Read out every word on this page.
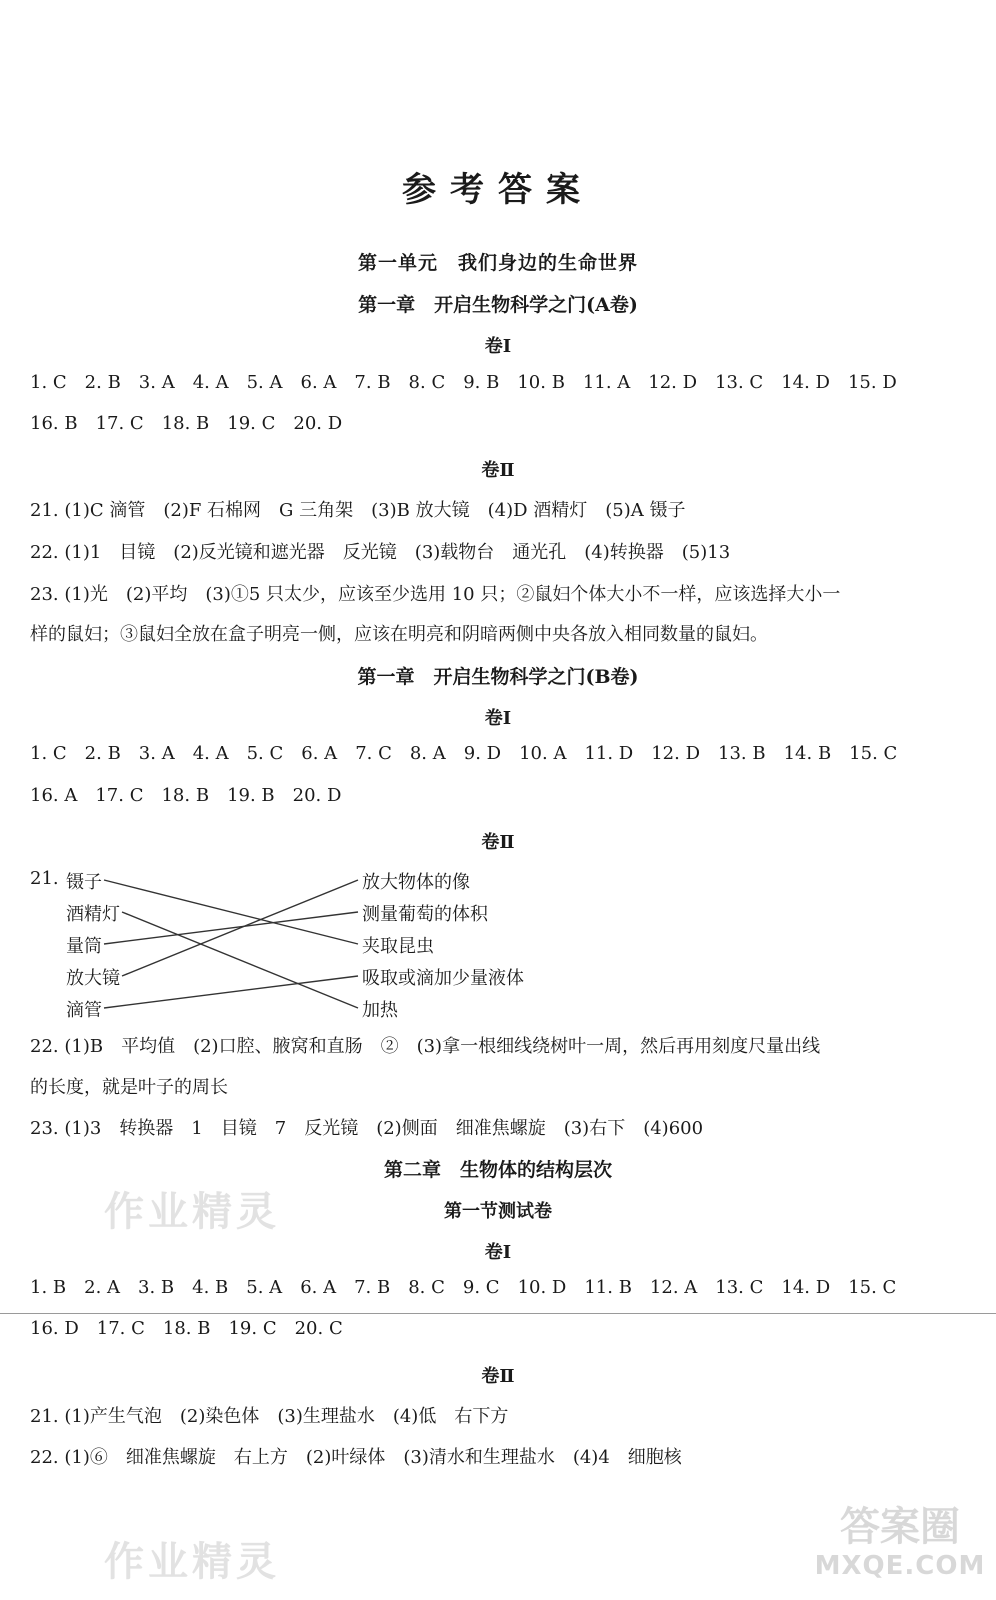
参考答案
第一单元　我们身边的生命世界
第一章　开启生物科学之门(A卷)
卷Ⅰ
1. C 2. B 3. A 4. A 5. A 6. A 7. B 8. C 9. B 10. B 11. A 12. D 13. C 14. D 15. D
16. B 17. C 18. B 19. C 20. D
卷Ⅱ
21. (1)C 滴管　(2)F 石棉网　G 三角架　(3)B 放大镜　(4)D 酒精灯　(5)A 镊子
22. (1)1　目镜　(2)反光镜和遮光器　反光镜　(3)载物台　通光孔　(4)转换器　(5)13
23. (1)光　(2)平均　(3)①5 只太少，应该至少选用 10 只；②鼠妇个体大小不一样，应该选择大小一
样的鼠妇；③鼠妇全放在盒子明亮一侧，应该在明亮和阴暗两侧中央各放入相同数量的鼠妇。
第一章　开启生物科学之门(B卷)
卷Ⅰ
1. C 2. B 3. A 4. A 5. C 6. A 7. C 8. A 9. D 10. A 11. D 12. D 13. B 14. B 15. C
16. A 17. C 18. B 19. B 20. D
卷Ⅱ
21. 镊子
酒精灯
量筒
放大镜
滴管
放大物体的像
测量葡萄的体积
夹取昆虫
吸取或滴加少量液体
加热
22. (1)B　平均值　(2)口腔、腋窝和直肠　②　(3)拿一根细线绕树叶一周，然后再用刻度尺量出线
的长度，就是叶子的周长
23. (1)3　转换器　1　目镜　7　反光镜　(2)侧面　细准焦螺旋　(3)右下　(4)600
第二章　生物体的结构层次
第一节测试卷
卷Ⅰ
1. B 2. A 3. B 4. B 5. A 6. A 7. B 8. C 9. C 10. D 11. B 12. A 13. C 14. D 15. C
16. D 17. C 18. B 19. C 20. C
卷Ⅱ
21. (1)产生气泡　(2)染色体　(3)生理盐水　(4)低　右下方
22. (1)⑥　细准焦螺旋　右上方　(2)叶绿体　(3)清水和生理盐水　(4)4　细胞核
作业精灵
作业精灵
答案圈
MXQE.COM
